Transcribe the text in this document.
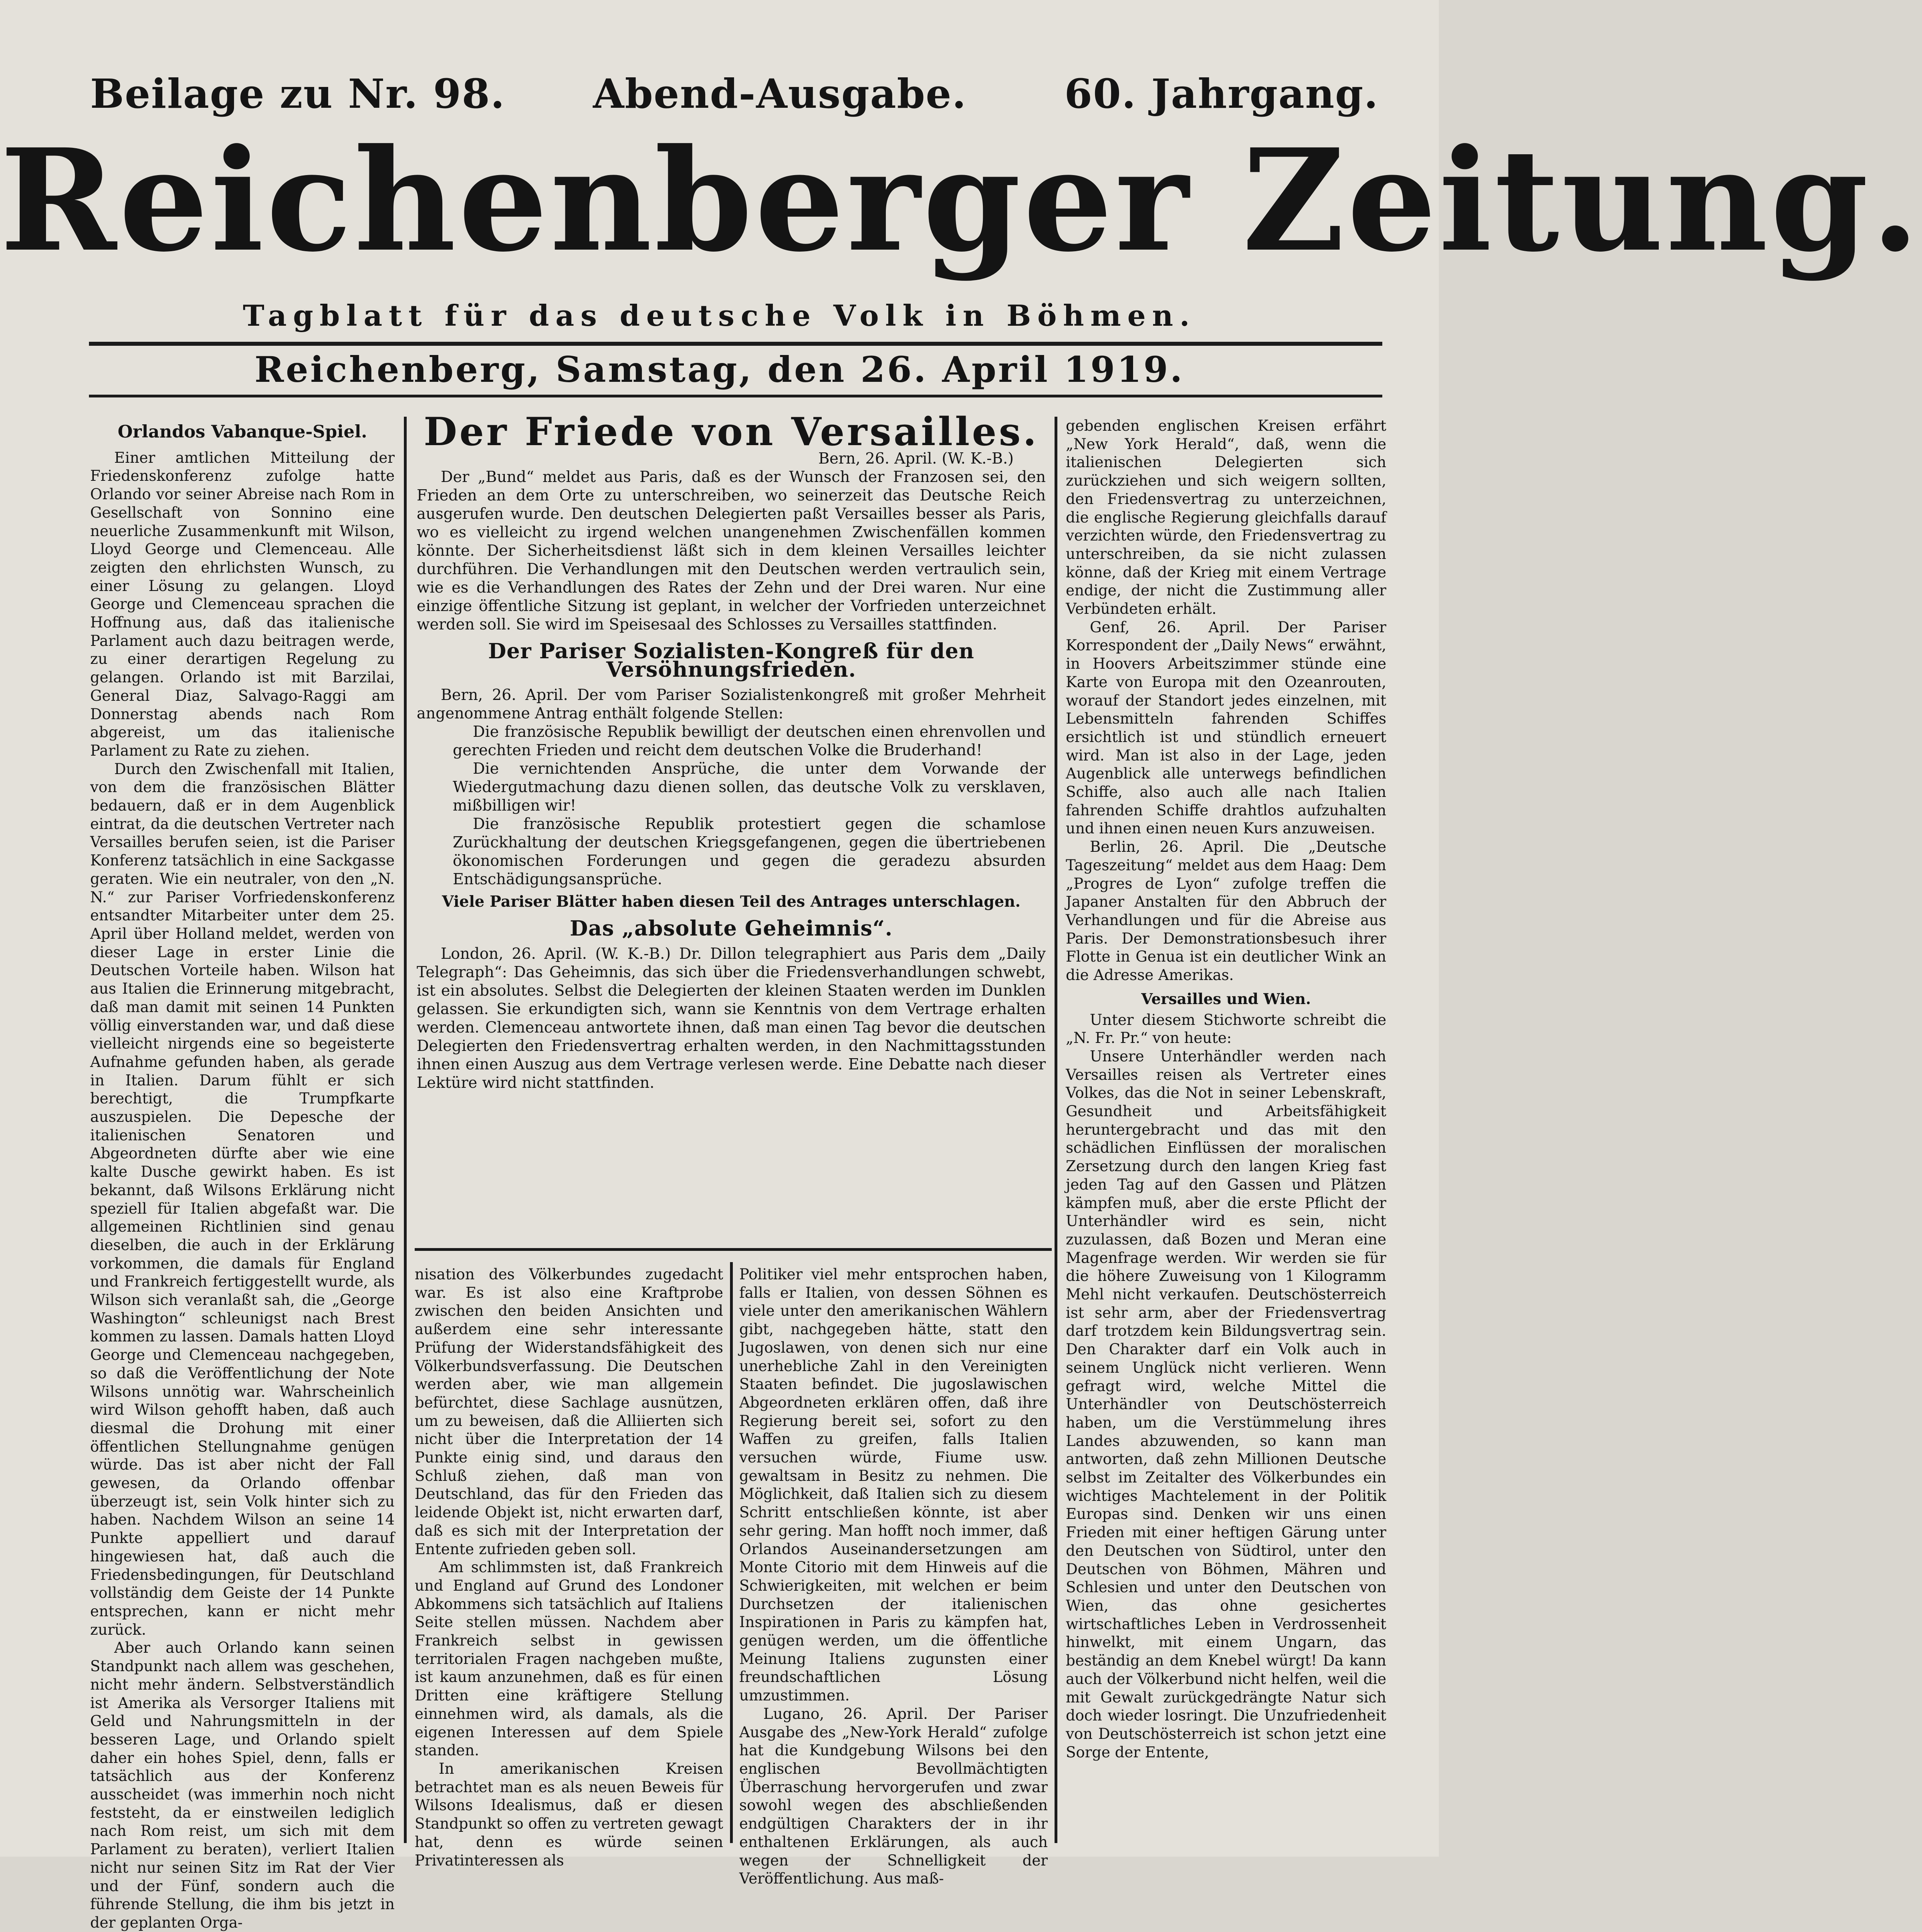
Beilage zu Nr. 98. Abend-Ausgabe. 60. Jahrgang.
Reichenberger Zeitung.
Tagblatt für das deutsche Volk in Böhmen.
Reichenberg, Samstag, den 26. April 1919.
Orlandos Vabanque-Spiel.

Einer amtlichen Mitteilung der Friedenskonferenz zufolge hatte Orlando vor seiner Abreise nach Rom in Gesellschaft von Sonnino eine neuerliche Zusammenkunft mit Wilson, Lloyd George und Clemenceau. Alle zeigten den ehrlichsten Wunsch, zu einer Lösung zu gelangen. Lloyd George und Clemenceau sprachen die Hoffnung aus, daß das italienische Parlament auch dazu beitragen werde, zu einer derartigen Regelung zu gelangen. Orlando ist mit Barzilai, General Diaz, Salvago-Raggi am Donnerstag abends nach Rom abgereist, um das italienische Parlament zu Rate zu ziehen.

Durch den Zwischenfall mit Italien, von dem die französischen Blätter bedauern, daß er in dem Augenblick eintrat, da die deutschen Vertreter nach Versailles berufen seien, ist die Pariser Konferenz tatsächlich in eine Sackgasse geraten. Wie ein neutraler, von den „N. N.“ zur Pariser Vorfriedenskonferenz entsandter Mitarbeiter unter dem 25. April über Holland meldet, werden von dieser Lage in erster Linie die Deutschen Vorteile haben. Wilson hat aus Italien die Erinnerung mitgebracht, daß man damit mit seinen 14 Punkten völlig einverstanden war, und daß diese vielleicht nirgends eine so begeisterte Aufnahme gefunden haben, als gerade in Italien. Darum fühlt er sich berechtigt, die Trumpfkarte auszuspielen. Die Depesche der italienischen Senatoren und Abgeordneten dürfte aber wie eine kalte Dusche gewirkt haben. Es ist bekannt, daß Wilsons Erklärung nicht speziell für Italien abgefaßt war. Die allgemeinen Richtlinien sind genau dieselben, die auch in der Erklärung vorkommen, die damals für England und Frankreich fertiggestellt wurde, als Wilson sich veranlaßt sah, die „George Washington“ schleunigst nach Brest kommen zu lassen. Damals hatten Lloyd George und Clemenceau nachgegeben, so daß die Veröffentlichung der Note Wilsons unnötig war. Wahrscheinlich wird Wilson gehofft haben, daß auch diesmal die Drohung mit einer öffentlichen Stellungnahme genügen würde. Das ist aber nicht der Fall gewesen, da Orlando offenbar überzeugt ist, sein Volk hinter sich zu haben. Nachdem Wilson an seine 14 Punkte appelliert und darauf hingewiesen hat, daß auch die Friedensbedingungen, für Deutschland vollständig dem Geiste der 14 Punkte entsprechen, kann er nicht mehr zurück.

Aber auch Orlando kann seinen Standpunkt nach allem was geschehen, nicht mehr ändern. Selbstverständlich ist Amerika als Versorger Italiens mit Geld und Nahrungsmitteln in der besseren Lage, und Orlando spielt daher ein hohes Spiel, denn, falls er tatsächlich aus der Konferenz ausscheidet (was immerhin noch nicht feststeht, da er einstweilen lediglich nach Rom reist, um sich mit dem Parlament zu beraten), verliert Italien nicht nur seinen Sitz im Rat der Vier und der Fünf, sondern auch die führende Stellung, die ihm bis jetzt in der geplanten Orga-

Der Friede von Versailles.

Bern, 26. April. (W. K.-B.)

Der „Bund“ meldet aus Paris, daß es der Wunsch der Franzosen sei, den Frieden an dem Orte zu unterschreiben, wo seinerzeit das Deutsche Reich ausgerufen wurde. Den deutschen Delegierten paßt Versailles besser als Paris, wo es vielleicht zu irgend welchen unangenehmen Zwischenfällen kommen könnte. Der Sicherheitsdienst läßt sich in dem kleinen Versailles leichter durchführen. Die Verhandlungen mit den Deutschen werden vertraulich sein, wie es die Verhandlungen des Rates der Zehn und der Drei waren. Nur eine einzige öffentliche Sitzung ist geplant, in welcher der Vorfrieden unterzeichnet werden soll. Sie wird im Speisesaal des Schlosses zu Versailles stattfinden.

Der Pariser Sozialisten-Kongreß für den Versöhnungsfrieden.

Bern, 26. April. Der vom Pariser Sozialistenkongreß mit großer Mehrheit angenommene Antrag enthält folgende Stellen:

Die französische Republik bewilligt der deutschen einen ehrenvollen und gerechten Frieden und reicht dem deutschen Volke die Bruderhand!

Die vernichtenden Ansprüche, die unter dem Vorwande der Wiedergutmachung dazu dienen sollen, das deutsche Volk zu versklaven, mißbilligen wir!

Die französische Republik protestiert gegen die schamlose Zurückhaltung der deutschen Kriegsgefangenen, gegen die übertriebenen ökonomischen Forderungen und gegen die geradezu absurden Entschädigungsansprüche.

Viele Pariser Blätter haben diesen Teil des Antrages unterschlagen.

Das „absolute Geheimnis“.

London, 26. April. (W. K.-B.) Dr. Dillon telegraphiert aus Paris dem „Daily Telegraph“: Das Geheimnis, das sich über die Friedensverhandlungen schwebt, ist ein absolutes. Selbst die Delegierten der kleinen Staaten werden im Dunklen gelassen. Sie erkundigten sich, wann sie Kenntnis von dem Vertrage erhalten werden. Clemenceau antwortete ihnen, daß man einen Tag bevor die deutschen Delegierten den Friedensvertrag erhalten werden, in den Nachmittagsstunden ihnen einen Auszug aus dem Vertrage verlesen werde. Eine Debatte nach dieser Lektüre wird nicht stattfinden.

nisation des Völkerbundes zugedacht war. Es ist also eine Kraftprobe zwischen den beiden Ansichten und außerdem eine sehr interessante Prüfung der Widerstandsfähigkeit des Völkerbundsverfassung. Die Deutschen werden aber, wie man allgemein befürchtet, diese Sachlage ausnützen, um zu beweisen, daß die Alliierten sich nicht über die Interpretation der 14 Punkte einig sind, und daraus den Schluß ziehen, daß man von Deutschland, das für den Frieden das leidende Objekt ist, nicht erwarten darf, daß es sich mit der Interpretation der Entente zufrieden geben soll.

Am schlimmsten ist, daß Frankreich und England auf Grund des Londoner Abkommens sich tatsächlich auf Italiens Seite stellen müssen. Nachdem aber Frankreich selbst in gewissen territorialen Fragen nachgeben mußte, ist kaum anzunehmen, daß es für einen Dritten eine kräftigere Stellung einnehmen wird, als damals, als die eigenen Interessen auf dem Spiele standen.

In amerikanischen Kreisen betrachtet man es als neuen Beweis für Wilsons Idealismus, daß er diesen Standpunkt so offen zu vertreten gewagt hat, denn es würde seinen Privatinteressen als

Politiker viel mehr entsprochen haben, falls er Italien, von dessen Söhnen es viele unter den amerikanischen Wählern gibt, nachgegeben hätte, statt den Jugoslawen, von denen sich nur eine unerhebliche Zahl in den Vereinigten Staaten befindet. Die jugoslawischen Abgeordneten erklären offen, daß ihre Regierung bereit sei, sofort zu den Waffen zu greifen, falls Italien versuchen würde, Fiume usw. gewaltsam in Besitz zu nehmen. Die Möglichkeit, daß Italien sich zu diesem Schritt entschließen könnte, ist aber sehr gering. Man hofft noch immer, daß Orlandos Auseinandersetzungen am Monte Citorio mit dem Hinweis auf die Schwierigkeiten, mit welchen er beim Durchsetzen der italienischen Inspirationen in Paris zu kämpfen hat, genügen werden, um die öffentliche Meinung Italiens zugunsten einer freundschaftlichen Lösung umzustimmen.

Lugano, 26. April. Der Pariser Ausgabe des „New-York Herald“ zufolge hat die Kundgebung Wilsons bei den englischen Bevollmächtigten Überraschung hervorgerufen und zwar sowohl wegen des abschließenden endgültigen Charakters der in ihr enthaltenen Erklärungen, als auch wegen der Schnelligkeit der Veröffentlichung. Aus maß-

gebenden englischen Kreisen erfährt „New York Herald“, daß, wenn die italienischen Delegierten sich zurückziehen und sich weigern sollten, den Friedensvertrag zu unterzeichnen, die englische Regierung gleichfalls darauf verzichten würde, den Friedensvertrag zu unterschreiben, da sie nicht zulassen könne, daß der Krieg mit einem Vertrage endige, der nicht die Zustimmung aller Verbündeten erhält.

Genf, 26. April. Der Pariser Korrespondent der „Daily News“ erwähnt, in Hoovers Arbeitszimmer stünde eine Karte von Europa mit den Ozeanrouten, worauf der Standort jedes einzelnen, mit Lebensmitteln fahrenden Schiffes ersichtlich ist und stündlich erneuert wird. Man ist also in der Lage, jeden Augenblick alle unterwegs befindlichen Schiffe, also auch alle nach Italien fahrenden Schiffe drahtlos aufzuhalten und ihnen einen neuen Kurs anzuweisen.

Berlin, 26. April. Die „Deutsche Tageszeitung“ meldet aus dem Haag: Dem „Progres de Lyon“ zufolge treffen die Japaner Anstalten für den Abbruch der Verhandlungen und für die Abreise aus Paris. Der Demonstrationsbesuch ihrer Flotte in Genua ist ein deutlicher Wink an die Adresse Amerikas.

Versailles und Wien.

Unter diesem Stichworte schreibt die „N. Fr. Pr.“ von heute:

Unsere Unterhändler werden nach Versailles reisen als Vertreter eines Volkes, das die Not in seiner Lebenskraft, Gesundheit und Arbeitsfähigkeit heruntergebracht und das mit den schädlichen Einflüssen der moralischen Zersetzung durch den langen Krieg fast jeden Tag auf den Gassen und Plätzen kämpfen muß, aber die erste Pflicht der Unterhändler wird es sein, nicht zuzulassen, daß Bozen und Meran eine Magenfrage werden. Wir werden sie für die höhere Zuweisung von 1 Kilogramm Mehl nicht verkaufen. Deutschösterreich ist sehr arm, aber der Friedensvertrag darf trotzdem kein Bildungsvertrag sein. Den Charakter darf ein Volk auch in seinem Unglück nicht verlieren. Wenn gefragt wird, welche Mittel die Unterhändler von Deutschösterreich haben, um die Verstümmelung ihres Landes abzuwenden, so kann man antworten, daß zehn Millionen Deutsche selbst im Zeitalter des Völkerbundes ein wichtiges Machtelement in der Politik Europas sind. Denken wir uns einen Frieden mit einer heftigen Gärung unter den Deutschen von Südtirol, unter den Deutschen von Böhmen, Mähren und Schlesien und unter den Deutschen von Wien, das ohne gesichertes wirtschaftliches Leben in Verdrossenheit hinwelkt, mit einem Ungarn, das beständig an dem Knebel würgt! Da kann auch der Völkerbund nicht helfen, weil die mit Gewalt zurückgedrängte Natur sich doch wieder losringt. Die Unzufriedenheit von Deutschösterreich ist schon jetzt eine Sorge der Entente,
